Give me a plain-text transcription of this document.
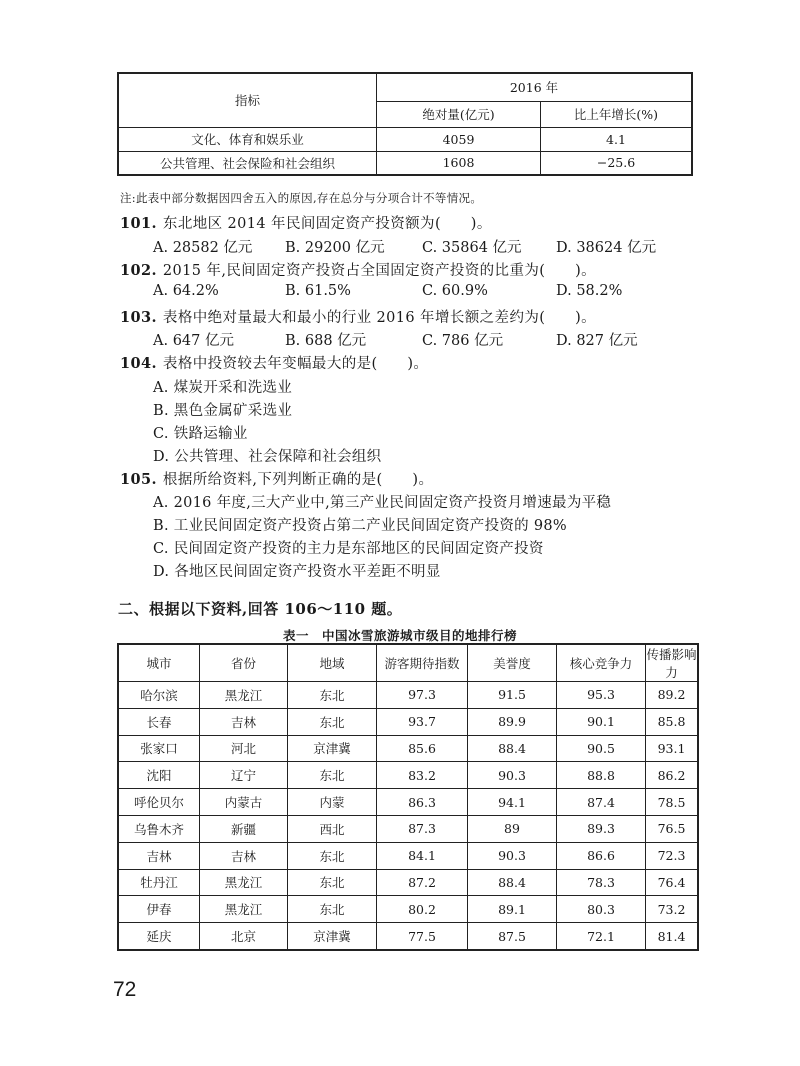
指标	2016 年	
	绝对量(亿元)	比上年增长(%)
文化、体育和娱乐业	4059	4.1
公共管理、社会保险和社会组织	1608	−25.6
注:此表中部分数据因四舍五入的原因,存在总分与分项合计不等情况。
101. 东北地区 2014 年民间固定资产投资额为(　　)。
A. 28582 亿元 B. 29200 亿元	C. 35864 亿元 D. 38624 亿元
102. 2015 年,民间固定资产投资占全国固定资产投资的比重为(　　)。
A. 64.2%	B. 61.5%	C. 60.9%	D. 58.2%
103. 表格中绝对量最大和最小的行业 2016 年增长额之差约为(　　)。
A. 647 亿元	B. 688 亿元	C. 786 亿元	D. 827 亿元
104. 表格中投资较去年变幅最大的是(　　)。
A. 煤炭开采和洗选业
B. 黑色金属矿采选业
C. 铁路运输业
D. 公共管理、社会保障和社会组织
105. 根据所给资料,下列判断正确的是(　　)。
A. 2016 年度,三大产业中,第三产业民间固定资产投资月增速最为平稳
B. 工业民间固定资产投资占第二产业民间固定资产投资的 98%
C. 民间固定资产投资的主力是东部地区的民间固定资产投资
D. 各地区民间固定资产投资水平差距不明显
二、根据以下资料,回答 106～110 题。
表一　中国冰雪旅游城市级目的地排行榜
城市	省份	地域	游客期待指数	美誉度	核心竞争力	传播影响力
哈尔滨	黑龙江	东北	97.3	91.5	95.3	89.2
长春	吉林	东北	93.7	89.9	90.1	85.8
张家口	河北	京津冀	85.6	88.4	90.5	93.1
沈阳	辽宁	东北	83.2	90.3	88.8	86.2
呼伦贝尔	内蒙古	内蒙	86.3	94.1	87.4	78.5
乌鲁木齐	新疆	西北	87.3	89	89.3	76.5
吉林	吉林	东北	84.1	90.3	86.6	72.3
牡丹江	黑龙江	东北	87.2	88.4	78.3	76.4
伊春	黑龙江	东北	80.2	89.1	80.3	73.2
延庆	北京	京津冀	77.5	87.5	72.1	81.4
72
